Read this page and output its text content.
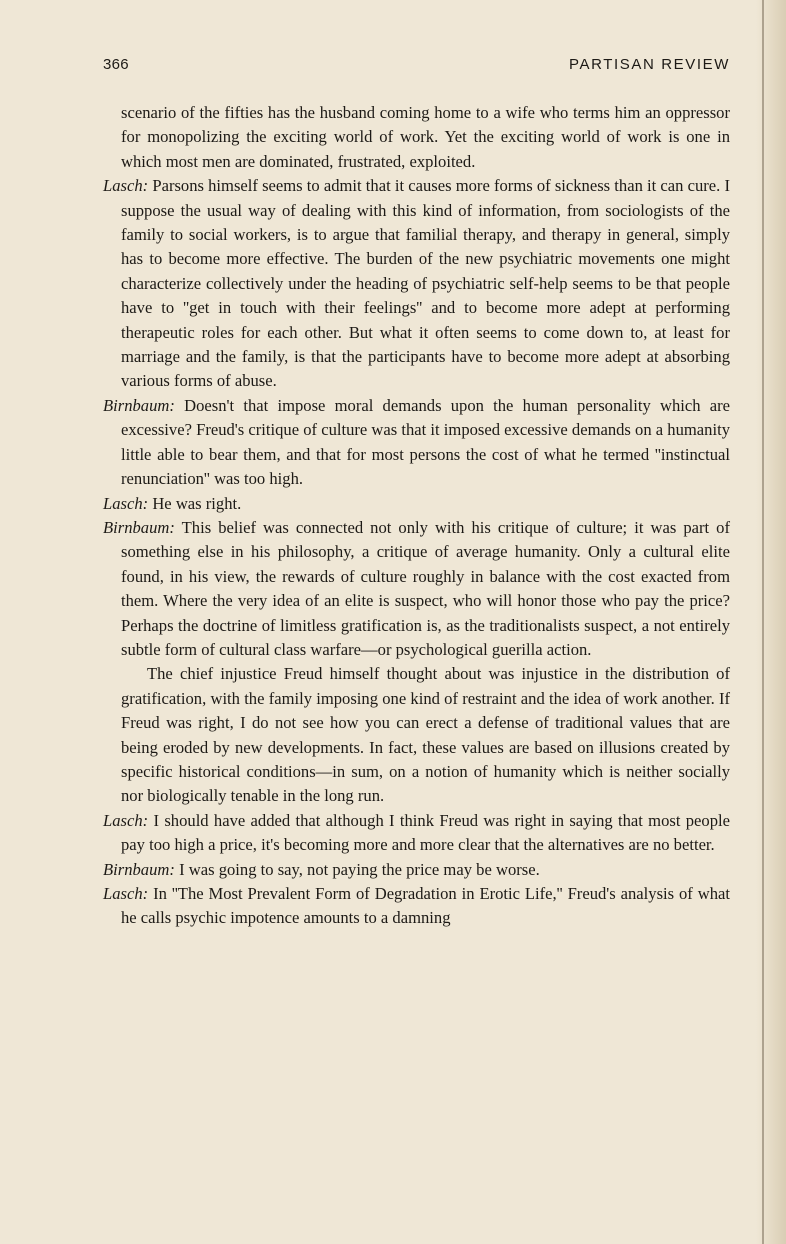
366	PARTISAN REVIEW

scenario of the fifties has the husband coming home to a wife who terms him an oppressor for monopolizing the exciting world of work. Yet the exciting world of work is one in which most men are dominated, frustrated, exploited.

Lasch: Parsons himself seems to admit that it causes more forms of sickness than it can cure. I suppose the usual way of dealing with this kind of information, from sociologists of the family to social workers, is to argue that familial therapy, and therapy in general, simply has to become more effective. The burden of the new psychiatric movements one might characterize collectively under the heading of psychiatric self-help seems to be that people have to ''get in touch with their feelings'' and to become more adept at performing therapeutic roles for each other. But what it often seems to come down to, at least for marriage and the family, is that the participants have to become more adept at absorbing various forms of abuse.

Birnbaum: Doesn't that impose moral demands upon the human personality which are excessive? Freud's critique of culture was that it imposed excessive demands on a humanity little able to bear them, and that for most persons the cost of what he termed ''instinctual renunciation'' was too high.

Lasch: He was right.

Birnbaum: This belief was connected not only with his critique of culture; it was part of something else in his philosophy, a critique of average humanity. Only a cultural elite found, in his view, the rewards of culture roughly in balance with the cost exacted from them. Where the very idea of an elite is suspect, who will honor those who pay the price? Perhaps the doctrine of limitless gratification is, as the traditionalists suspect, a not entirely subtle form of cultural class warfare—or psychological guerilla action.

The chief injustice Freud himself thought about was injustice in the distribution of gratification, with the family imposing one kind of restraint and the idea of work another. If Freud was right, I do not see how you can erect a defense of traditional values that are being eroded by new developments. In fact, these values are based on illusions created by specific historical conditions—in sum, on a notion of humanity which is neither socially nor biologically tenable in the long run.

Lasch: I should have added that although I think Freud was right in saying that most people pay too high a price, it's becoming more and more clear that the alternatives are no better.

Birnbaum: I was going to say, not paying the price may be worse.

Lasch: In ''The Most Prevalent Form of Degradation in Erotic Life,'' Freud's analysis of what he calls psychic impotence amounts to a damning
